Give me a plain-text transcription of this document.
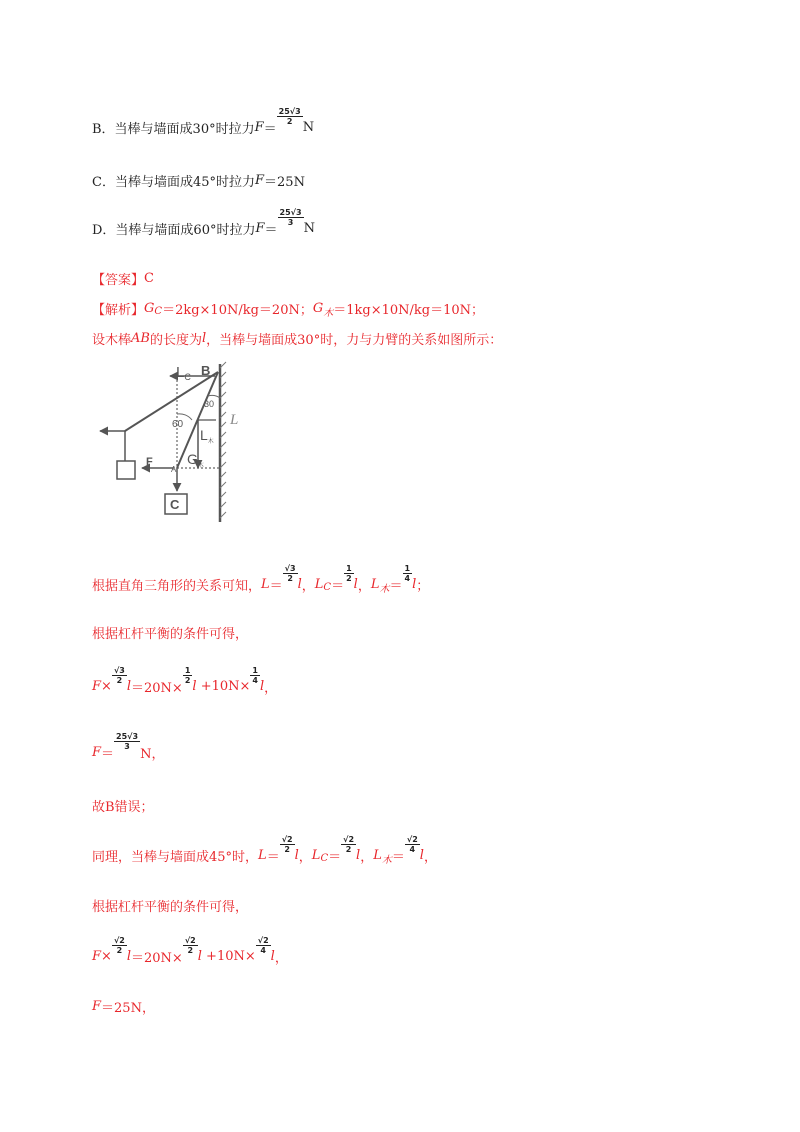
B．当棒与墙面成30°时拉力 F ＝
$\frac{25√3}{2}$
N
C．当棒与墙面成45°时拉力 F ＝25N
D．当棒与墙面成60°时拉力 F ＝
$\frac{25√3}{3}$
N
【答案】 C
【解析】 G C ＝2kg×10N/kg＝20N； G 木 ＝1kg×10N/kg＝10N；
设木棒 AB 的长度为 l ，当棒与墙面成30°时，力与力臂的关系如图所示：
$L_C$ B
30
60
$L_木$
$G_木$
F
A
C
L
根据直角三角形的关系可知， L ＝
$\frac{√3}{2}$
l ， L C ＝
$\frac{1}{2}$
l ， L 木 ＝
$\frac{1}{4}$
l ；
根据杠杆平衡的条件可得，
F ×
$\frac{√3}{2}$
l ＝20N×
$\frac{1}{2}$
l
+10N×
$\frac{1}{4}$
l ，
F ＝
$\frac{25√3}{3}$
N，
故B错误；
同理，当棒与墙面成45°时， L ＝
$\frac{√2}{2}$
l ， L C ＝
$\frac{√2}{2}$
l ， L 木 ＝
$\frac{√2}{4}$
l ，
根据杠杆平衡的条件可得，
F ×
$\frac{√2}{2}$
l ＝20N×
$\frac{√2}{2}$
l
+10N×
$\frac{√2}{4}$
l ，
F ＝25N，
